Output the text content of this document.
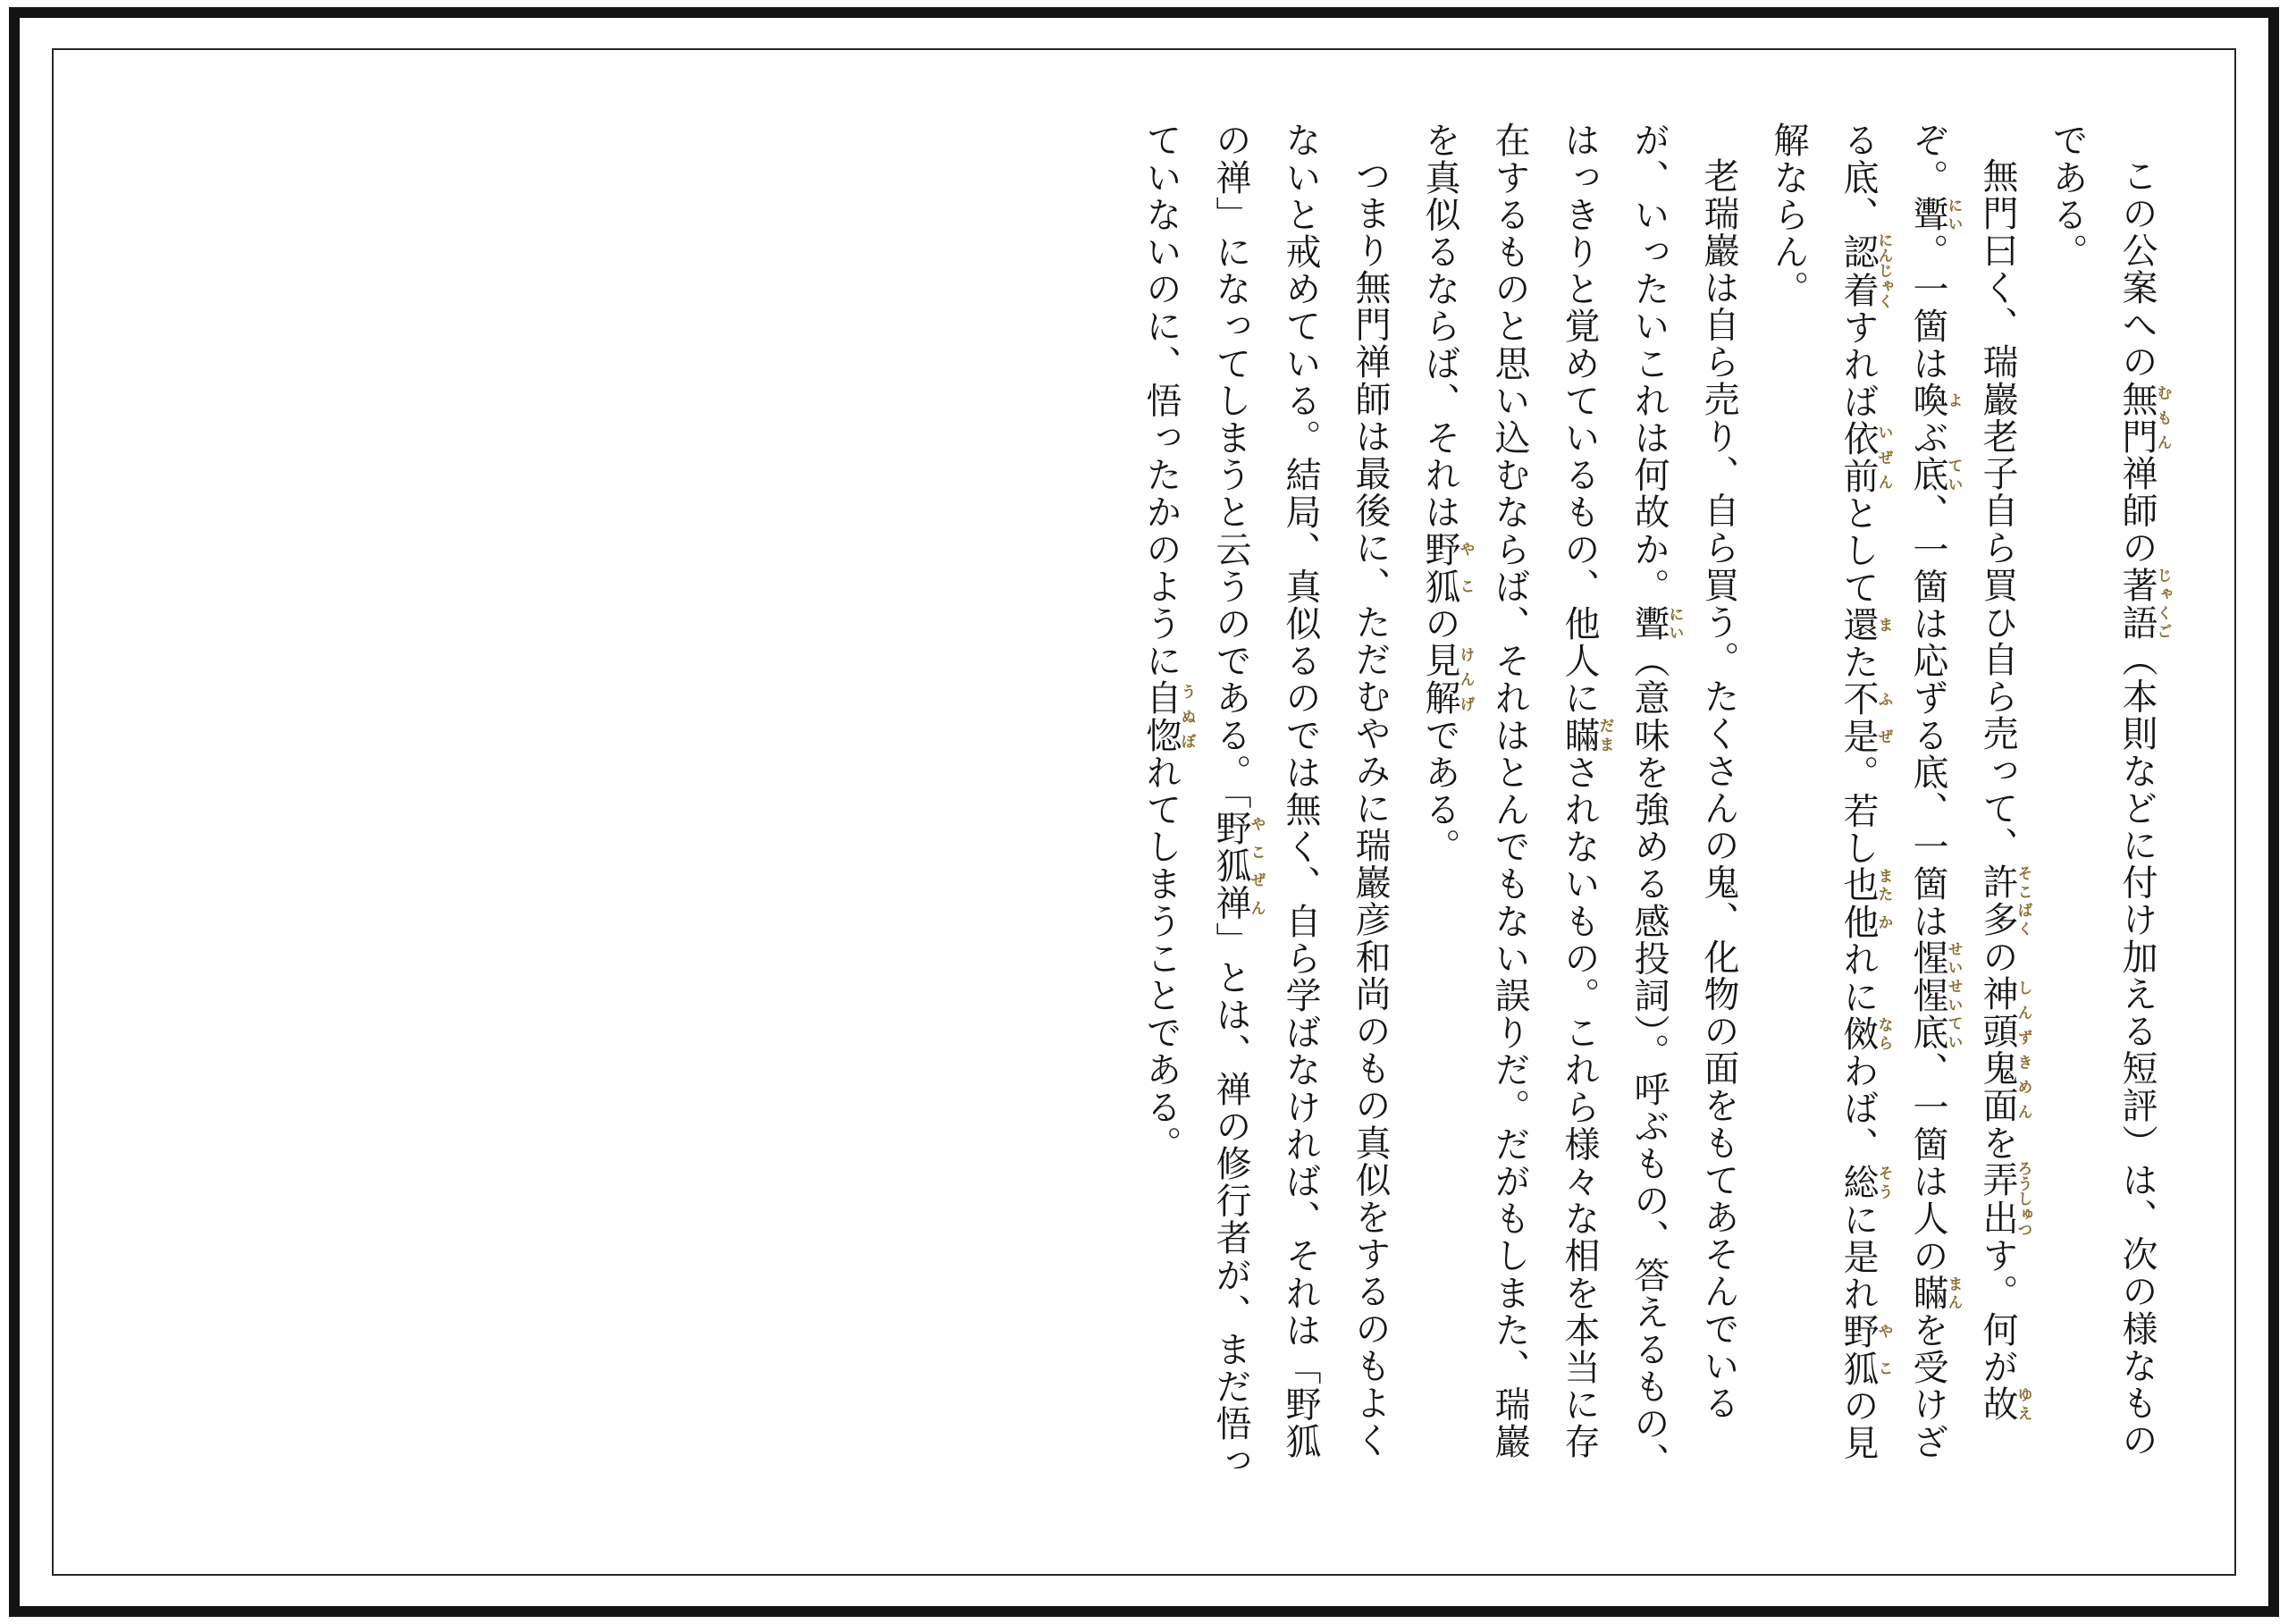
この公案への無門むもん禅師の著語じゃくご（本則などに付け加える短評）は、次の様なものである。

無門曰く、瑞巖老子自ら買ひ自ら売って、許多そこばくの神頭鬼面しんずきめんを弄出ろうしゅつす。何が故ゆえぞ。聻にい。一箇は喚よぶ底てい、一箇は応ずる底、一箇は惺惺底せいせいてい、一箇は人の瞞まんを受けざる底、認着にんじゃくすれば依前いぜんとして還また不是ふぜ。若し也また他かれに傚ならわば、総そうに是れ野狐やこの見解ならん。

老瑞巖は自ら売り、自ら買う。たくさんの鬼、化物の面をもてあそんでいるが、いったいこれは何故か。聻にい（意味を強める感投詞）。呼ぶもの、答えるもの、はっきりと覚めているもの、他人に瞞だまされないもの。これら様々な相を本当に存在するものと思い込むならば、それはとんでもない誤りだ。だがもしまた、瑞巖を真似るならば、それは野狐やこの見解けんげである。

つまり無門禅師は最後に、ただむやみに瑞巖彦和尚のもの真似をするのもよくないと戒めている。結局、真似るのでは無く、自ら学ばなければ、それは「野狐の禅」になってしまうと云うのである。「野狐禅やこぜん」とは、禅の修行者が、まだ悟っていないのに、悟ったかのように自惚うぬぼれてしまうことである。
